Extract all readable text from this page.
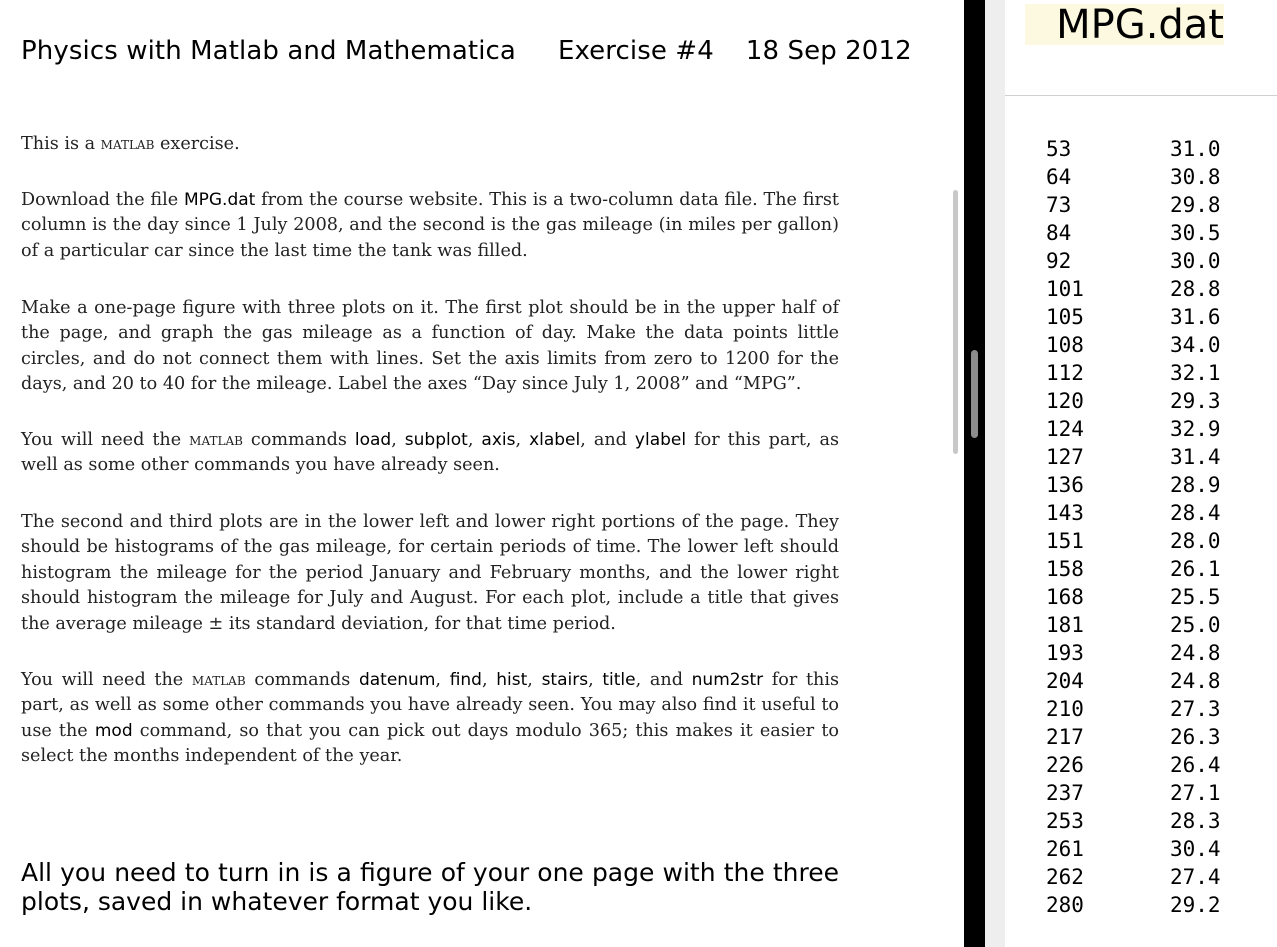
Physics with Matlab and Mathematica Exercise #4 18 Sep 2012

This is a matlab exercise.

Download the file MPG.dat from the course website. This is a two-column data file. The first column is the day since 1 July 2008, and the second is the gas mileage (in miles per gallon) of a particular car since the last time the tank was filled.

Make a one-page figure with three plots on it. The first plot should be in the upper half of the page, and graph the gas mileage as a function of day. Make the data points little circles, and do not connect them with lines. Set the axis limits from zero to 1200 for the days, and 20 to 40 for the mileage. Label the axes “Day since July 1, 2008” and “MPG”.

You will need the matlab commands load, subplot, axis, xlabel, and ylabel for this part, as well as some other commands you have already seen.

The second and third plots are in the lower left and lower right portions of the page. They should be histograms of the gas mileage, for certain periods of time. The lower left should histogram the mileage for the period January and February months, and the lower right should histogram the mileage for July and August. For each plot, include a title that gives the average mileage ± its standard deviation, for that time period.

You will need the matlab commands datenum, find, hist, stairs, title, and num2str for this part, as well as some other commands you have already seen. You may also find it useful to use the mod command, so that you can pick out days modulo 365; this makes it easier to select the months independent of the year.

All you need to turn in is a figure of your one page with the three plots, saved in whatever format you like.

MPG.dat
53	31.0
64	30.8
73	29.8
84	30.5
92	30.0
101	28.8
105	31.6
108	34.0
112	32.1
120	29.3
124	32.9
127	31.4
136	28.9
143	28.4
151	28.0
158	26.1
168	25.5
181	25.0
193	24.8
204	24.8
210	27.3
217	26.3
226	26.4
237	27.1
253	28.3
261	30.4
262	27.4
280	29.2
